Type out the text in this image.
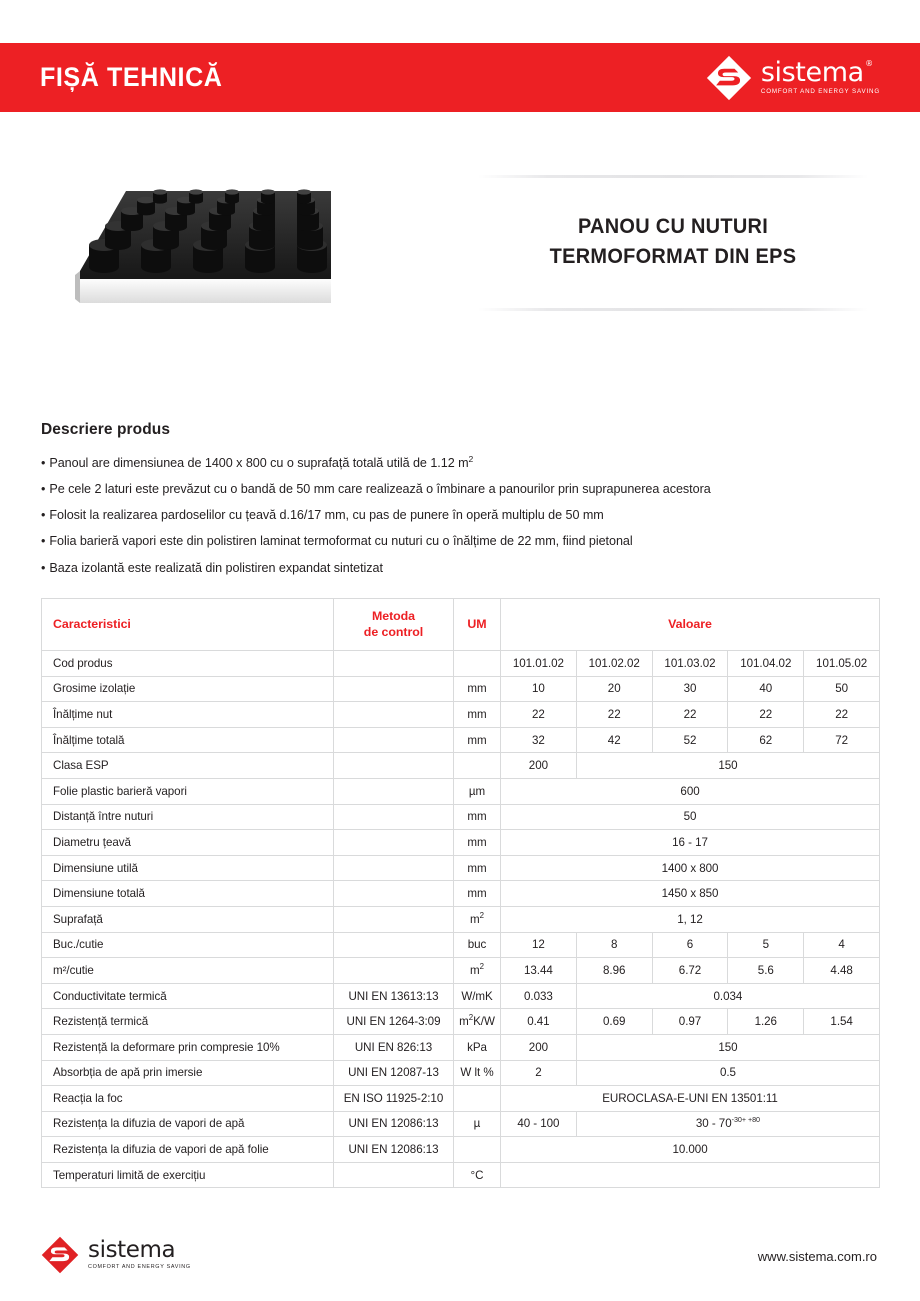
FIȘĂ TEHNICĂ	sistema ®
COMFORT AND ENERGY SAVING
PANOU CU NUTURI
TERMOFORMAT DIN EPS
Descriere produs
• Panoul are dimensiunea de 1400 x 800 cu o suprafață totală utilă de 1.12 $m^2$
• Pe cele 2 laturi este prevăzut cu o bandă de 50 mm care realizează o îmbinare a panourilor prin suprapunerea acestora
• Folosit la realizarea pardoselilor cu țeavă d.16/17 mm, cu pas de punere în operă multiplu de 50 mm
• Folia barieră vapori este din polistiren laminat termoformat cu nuturi cu o înălțime de 22 mm, fiind pietonal
• Baza izolantă este realizată din polistiren expandat sintetizat
Caracteristici	Metoda
de control	UM	Valoare				
Cod produs			101.01.02	101.02.02	101.03.02	101.04.02	101.05.02
Grosime izolație		mm	10	20	30	40	50
Înălțime nut		mm	22	22	22	22	22
Înălțime totală		mm	32	42	52	62	72
Clasa ESP			200	150			
Folie plastic barieră vapori		µm	600				
Distanță între nuturi		mm	50				
Diametru țeavă		mm	16 - 17				
Dimensiune utilă		mm	1400 x 800				
Dimensiune totală		mm	1450 x 850				
Suprafață		$m^2$	1, 12				
Buc./cutie		buc	12	8	6	5	4
m²/cutie		$m^2$	13.44	8.96	6.72	5.6	4.48
Conductivitate termică	UNI EN 13613:13	W/mK	0.033	0.034			
Rezistență termică	UNI EN 1264-3:09	$m^2K/W$	0.41	0.69	0.97	1.26	1.54
Rezistență la deformare prin compresie 10%	UNI EN 826:13	kPa	200	150			
Absorbția de apă prin imersie	UNI EN 12087-13	W lt %	2	0.5			
Reacția la foc	EN ISO 11925-2:10		EUROCLASA-E-UNI EN 13501:11				
Rezistența la difuzia de vapori de apă	UNI EN 12086:13	µ	40 - 100	$30 - 70^{-30+ +80}$
Rezistența la difuzia de vapori de apă folie	UNI EN 12086:13		10.000				
Temperaturi limită de exercițiu		°C					
sistema
COMFORT AND ENERGY SAVING
www.sistema.com.ro
